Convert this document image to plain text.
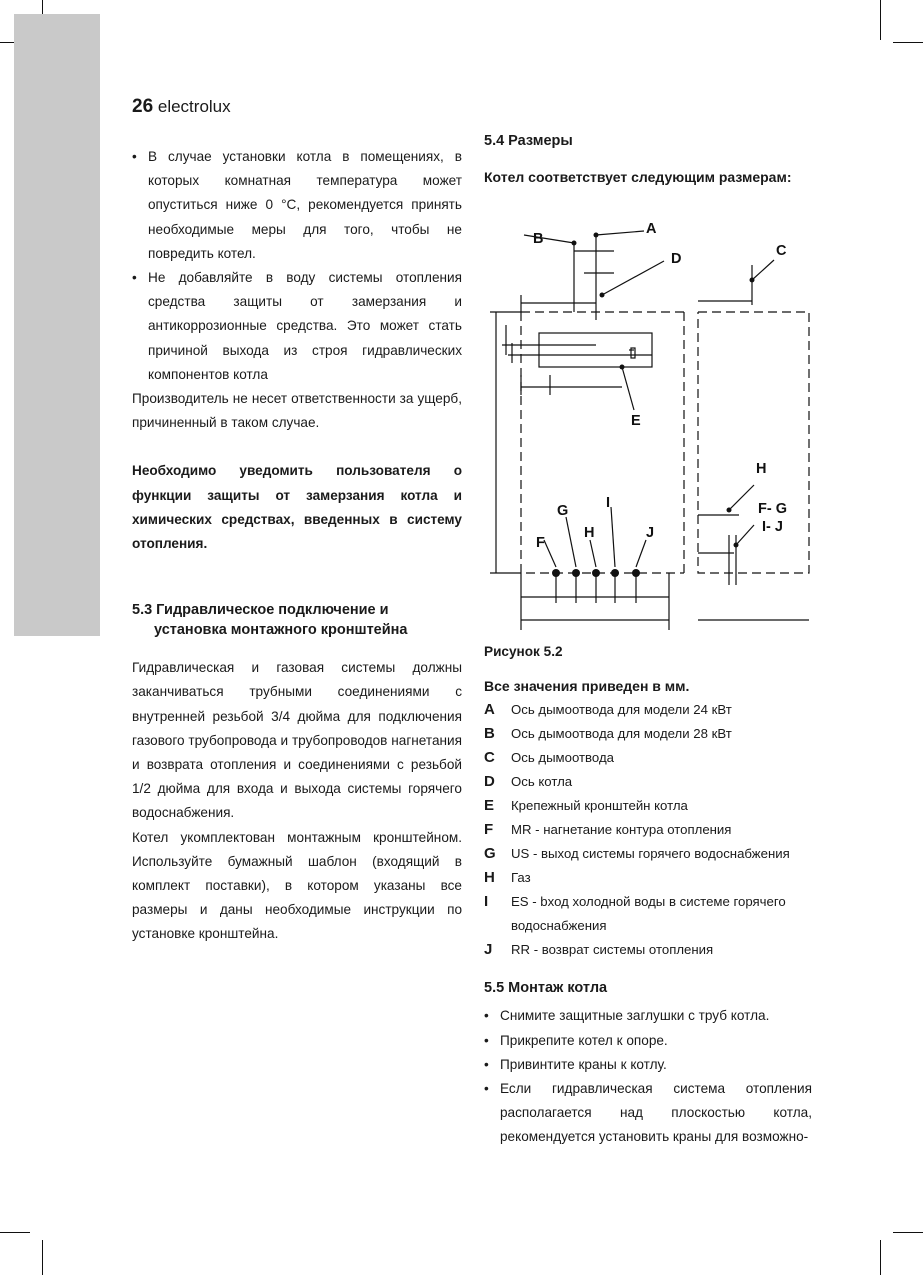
26 electrolux
• В случае установки котла в помещениях, в которых комнатная температура может опуститься ниже 0 °С, рекомендуется принять необходимые меры для того, чтобы не повредить котел.
• Не добавляйте в воду системы отопления средства защиты от замерзания и антикоррозионные средства. Это может стать причиной выхода из строя гидравлических компонентов котла

Производитель не несет ответственности за ущерб, причиненный в таком случае.

Необходимо уведомить пользователя о функции защиты от замерзания котла и химических средствах, введенных в систему отопления.

5.3 Гидравлическое подключение и
установка монтажного кронштейна

Гидравлическая и газовая системы должны заканчиваться трубными соединениями с внутренней резьбой 3/4 дюйма для подключения газового трубопровода и трубопроводов нагнетания и возврата отопления и соединениями с резьбой 1/2 дюйма для входа и выхода системы горячего водоснабжения.

Котел укомплектован монтажным кронштейном. Используйте бумажный шаблон (входящий в комплект поставки), в котором указаны все размеры и даны необходимые инструкции по установке кронштейна.

5.4 Размеры

Котел соответствует следующим размерам:

A
B
C
D
E
F
G
H
I
J
H
F- G
I- J
Рисунок 5.2
Все значения приведен в мм.
A	Ось дымоотвода для модели 24 кВт
B	Ось дымоотвода для модели 28 кВт
C	Ось дымоотвода
D	Ось котла
E	Крепежный кронштейн котла
F	MR - нагнетание контура отопления
G	US - выход системы горячего водоснабжения
H	Газ
I	ES - bход холодной воды в системе горячего водоснабжения
J	RR - возврат системы отопления
5.5 Монтаж котла
• Снимите защитные заглушки с труб котла.
• Прикрепите котел к опоре.
• Привинтите краны к котлу.
• Если гидравлическая система отопления располагается над плоскостью котла, рекомендуется установить краны для возможно-
